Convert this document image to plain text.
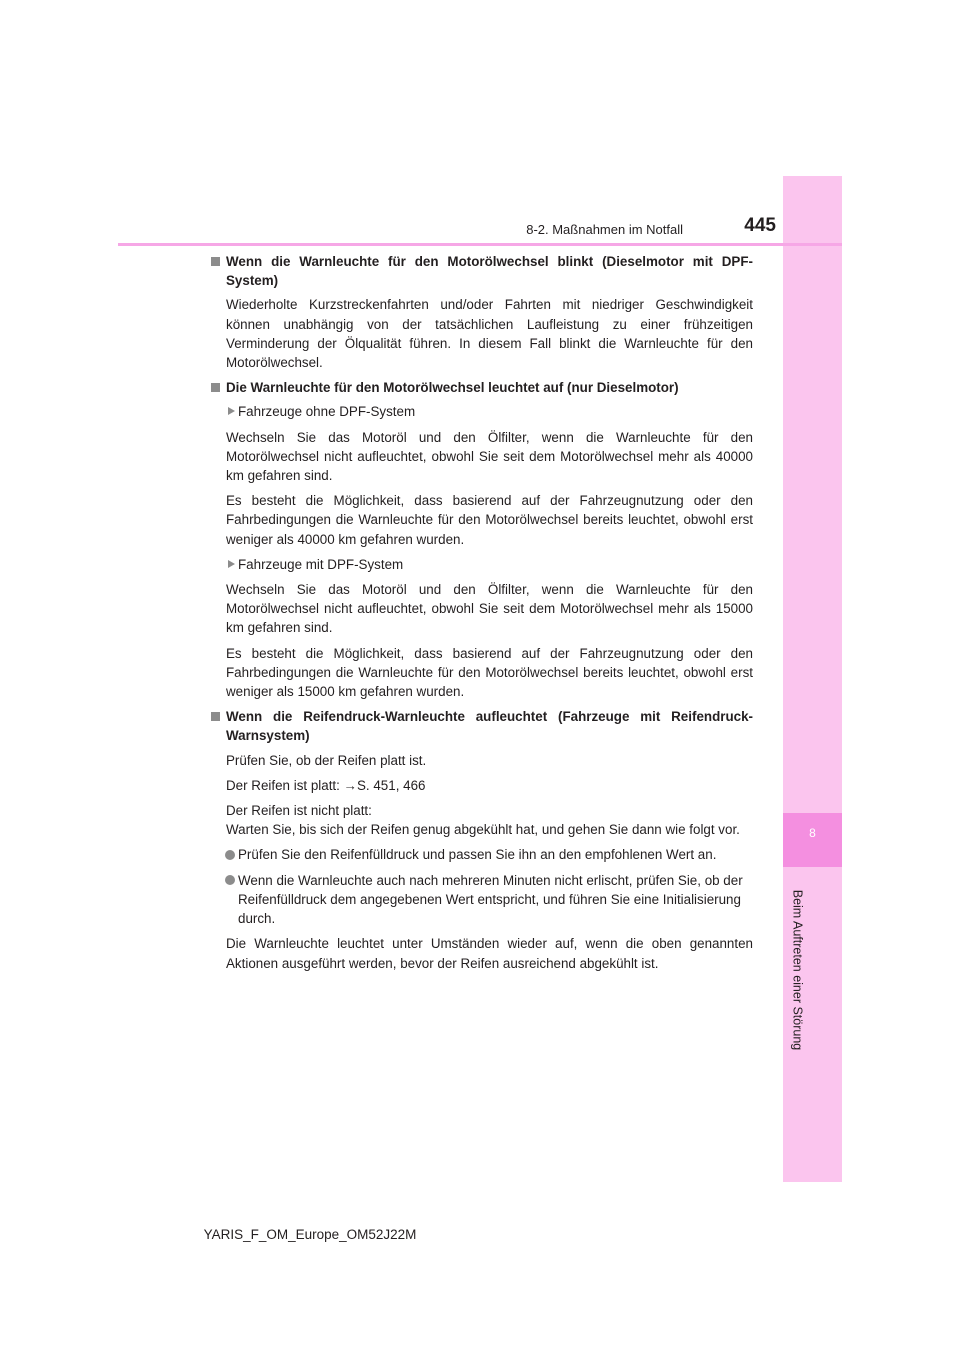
8
Beim Auftreten einer Störung
8-2. Maßnahmen im Notfall	445
Wenn die Warnleuchte für den Motorölwechsel blinkt (Dieselmotor mit DPF-System)

Wiederholte Kurzstreckenfahrten und/oder Fahrten mit niedriger Geschwindigkeit können unabhängig von der tatsächlichen Laufleistung zu einer frühzeitigen Verminderung der Ölqualität führen. In diesem Fall blinkt die Warnleuchte für den Motorölwechsel.

Die Warnleuchte für den Motorölwechsel leuchtet auf (nur Dieselmotor)
Fahrzeuge ohne DPF-System

Wechseln Sie das Motoröl und den Ölfilter, wenn die Warnleuchte für den Motorölwechsel nicht aufleuchtet, obwohl Sie seit dem Motorölwechsel mehr als 40000 km gefahren sind.

Es besteht die Möglichkeit, dass basierend auf der Fahrzeugnutzung oder den Fahrbedingungen die Warnleuchte für den Motorölwechsel bereits leuchtet, obwohl erst weniger als 40000 km gefahren wurden.

Fahrzeuge mit DPF-System

Wechseln Sie das Motoröl und den Ölfilter, wenn die Warnleuchte für den Motorölwechsel nicht aufleuchtet, obwohl Sie seit dem Motorölwechsel mehr als 15000 km gefahren sind.

Es besteht die Möglichkeit, dass basierend auf der Fahrzeugnutzung oder den Fahrbedingungen die Warnleuchte für den Motorölwechsel bereits leuchtet, obwohl erst weniger als 15000 km gefahren wurden.

Wenn die Reifendruck-Warnleuchte aufleuchtet (Fahrzeuge mit Reifendruck-Warnsystem)

Prüfen Sie, ob der Reifen platt ist.

Der Reifen ist platt: →S. 451, 466

Der Reifen ist nicht platt:
Warten Sie, bis sich der Reifen genug abgekühlt hat, und gehen Sie dann wie folgt vor.

Prüfen Sie den Reifenfülldruck und passen Sie ihn an den empfohlenen Wert an.
Wenn die Warnleuchte auch nach mehreren Minuten nicht erlischt, prüfen Sie, ob der Reifenfülldruck dem angegebenen Wert entspricht, und führen Sie eine Initialisierung durch.

Die Warnleuchte leuchtet unter Umständen wieder auf, wenn die oben genannten Aktionen ausgeführt werden, bevor der Reifen ausreichend abgekühlt ist.

YARIS_F_OM_Europe_OM52J22M
